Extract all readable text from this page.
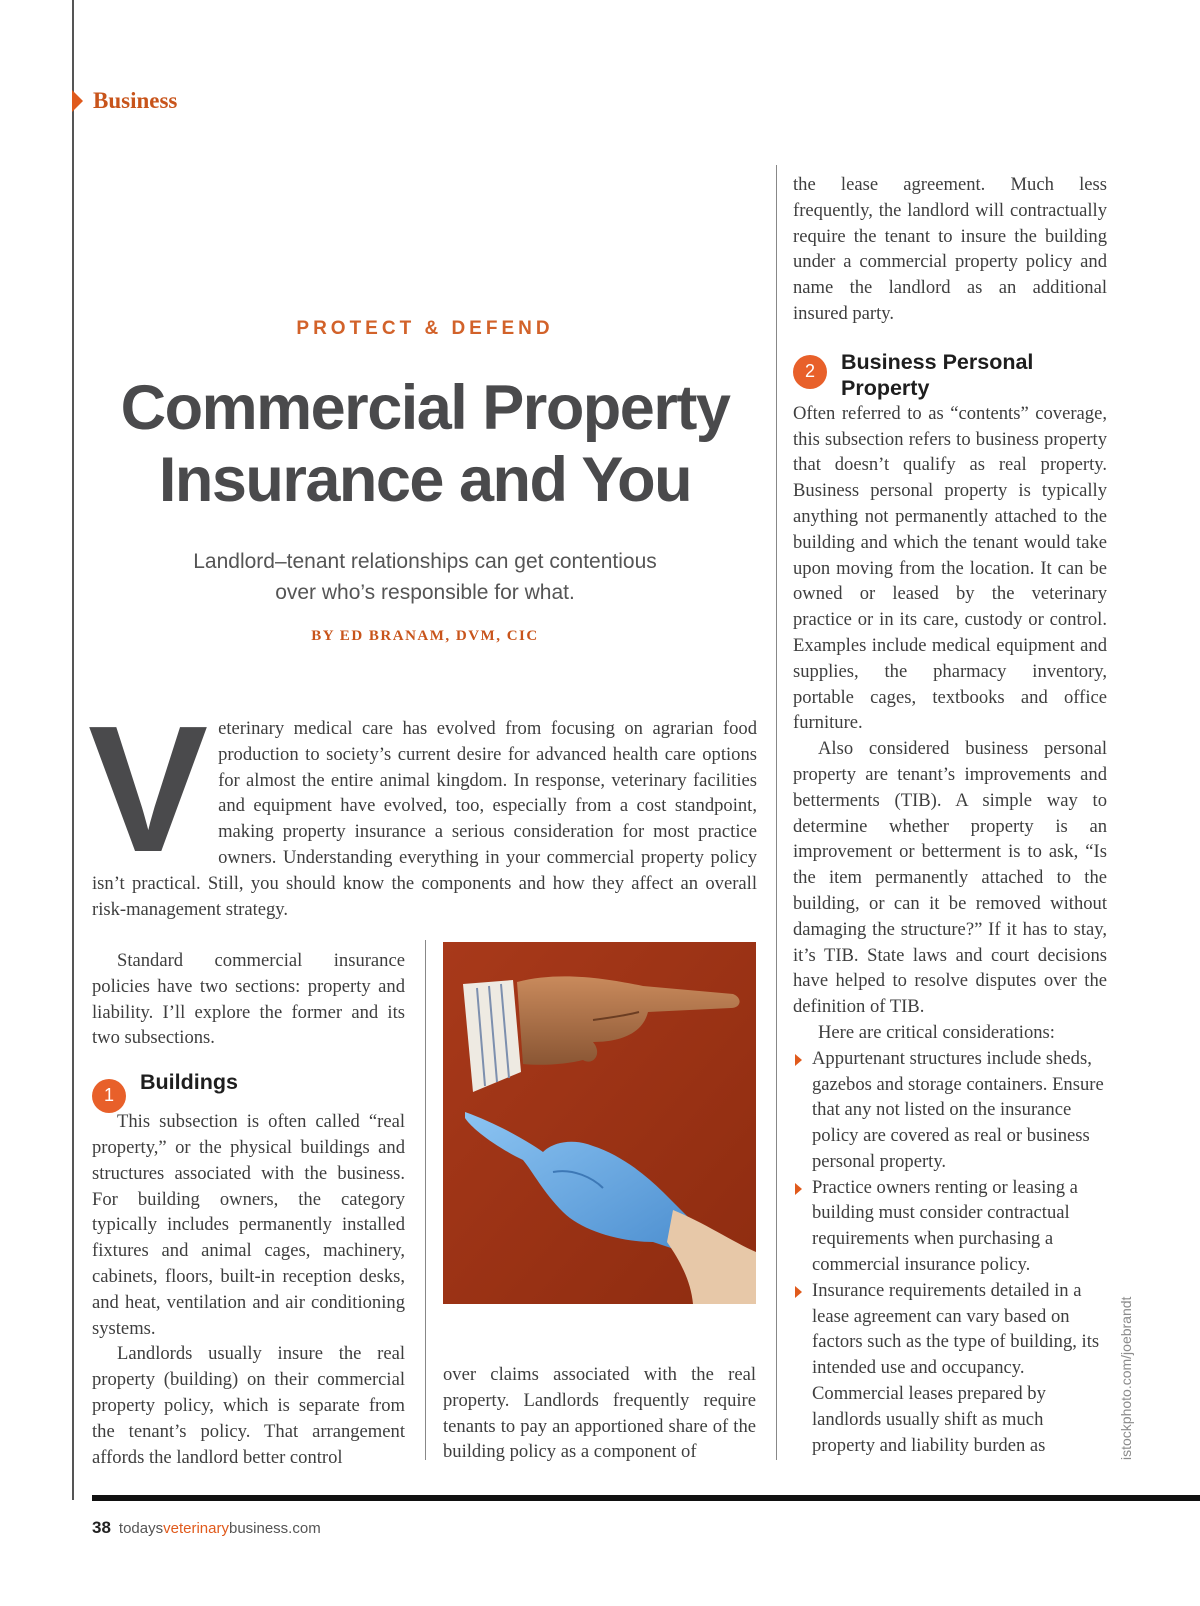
Business
PROTECT & DEFEND
Commercial Property
Insurance and You
Landlord–tenant relationships can get contentious
over who’s responsible for what.
BY ED BRANAM, DVM, CIC
V eterinary medical care has evolved from focusing on agrarian food production to society’s current desire for advanced health care options for almost the entire animal kingdom. In response, veterinary facilities and equipment have evolved, too, especially from a cost standpoint, making property insurance a serious consideration for most practice owners. Understanding everything in your commercial property policy isn’t practical. Still, you should know the components and how they affect an overall risk-management strategy.

Standard commercial insurance policies have two sections: property and liability. I’ll explore the former and its two subsections.

1
Buildings

This subsection is often called “real property,” or the physical buildings and structures associated with the business. For building owners, the category typically includes permanently installed fixtures and animal cages, machinery, cabinets, floors, built-in reception desks, and heat, ventilation and air conditioning systems.

Landlords usually insure the real property (building) on their commercial property policy, which is separate from the tenant’s policy. That arrangement affords the landlord better control

over claims associated with the real property. Landlords frequently require tenants to pay an apportioned share of the building policy as a component of

the lease agreement. Much less frequently, the landlord will contractually require the tenant to insure the building under a commercial property policy and name the landlord as an additional insured party.

2	Business Personal
Property

Often referred to as “contents” coverage, this subsection refers to business property that doesn’t qualify as real property. Business personal property is typically anything not permanently attached to the building and which the tenant would take upon moving from the location. It can be owned or leased by the veterinary practice or in its care, custody or control. Examples include medical equipment and supplies, the pharmacy inventory, portable cages, textbooks and office furniture.

Also considered business personal property are tenant’s improvements and betterments (TIB). A simple way to determine whether property is an improvement or betterment is to ask, “Is the item permanently attached to the building, or can it be removed without damaging the structure?” If it has to stay, it’s TIB. State laws and court decisions have helped to resolve disputes over the definition of TIB.

Here are critical considerations:

Appurtenant structures include sheds, gazebos and storage containers. Ensure that any not listed on the insurance policy are covered as real or business personal property.
Practice owners renting or leasing a building must consider contractual requirements when purchasing a commercial insurance policy.
Insurance requirements detailed in a lease agreement can vary based on factors such as the type of building, its intended use and occupancy. Commercial leases prepared by landlords usually shift as much property and liability burden as	istockphoto.com/joebrandt
38 todaysveterinarybusiness.com
